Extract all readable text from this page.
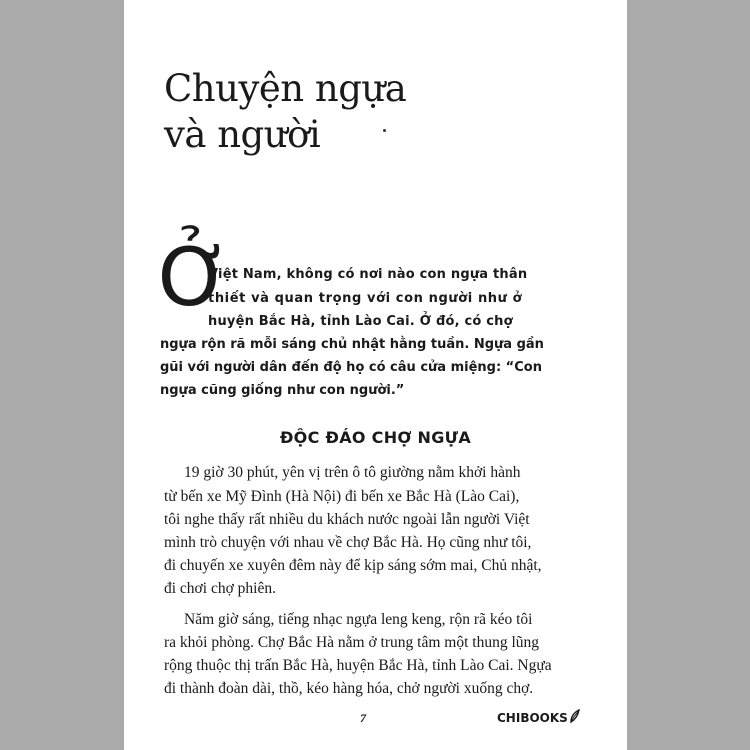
Chuyện ngựa
và người
Ở

Việt Nam, không có nơi nào con ngựa thân

thiết và quan trọng với con người như ở

huyện Bắc Hà, tỉnh Lào Cai. Ở đó, có chợ

ngựa rộn rã mỗi sáng chủ nhật hằng tuần. Ngựa gần

gũi với người dân đến độ họ có câu cửa miệng: “Con

ngựa cũng giống như con người.”

ĐỘC ĐÁO CHỢ NGỰA

19 giờ 30 phút, yên vị trên ô tô giường nằm khởi hành

từ bến xe Mỹ Đình (Hà Nội) đi bến xe Bắc Hà (Lào Cai),

tôi nghe thấy rất nhiều du khách nước ngoài lẫn người Việt

mình trò chuyện với nhau về chợ Bắc Hà. Họ cũng như tôi,

đi chuyến xe xuyên đêm này để kịp sáng sớm mai, Chủ nhật,

đi chơi chợ phiên.

Năm giờ sáng, tiếng nhạc ngựa leng keng, rộn rã kéo tôi

ra khỏi phòng. Chợ Bắc Hà nằm ở trung tâm một thung lũng

rộng thuộc thị trấn Bắc Hà, huyện Bắc Hà, tỉnh Lào Cai. Ngựa

đi thành đoàn dài, thồ, kéo hàng hóa, chở người xuống chợ.

7	CHIBOOKS
